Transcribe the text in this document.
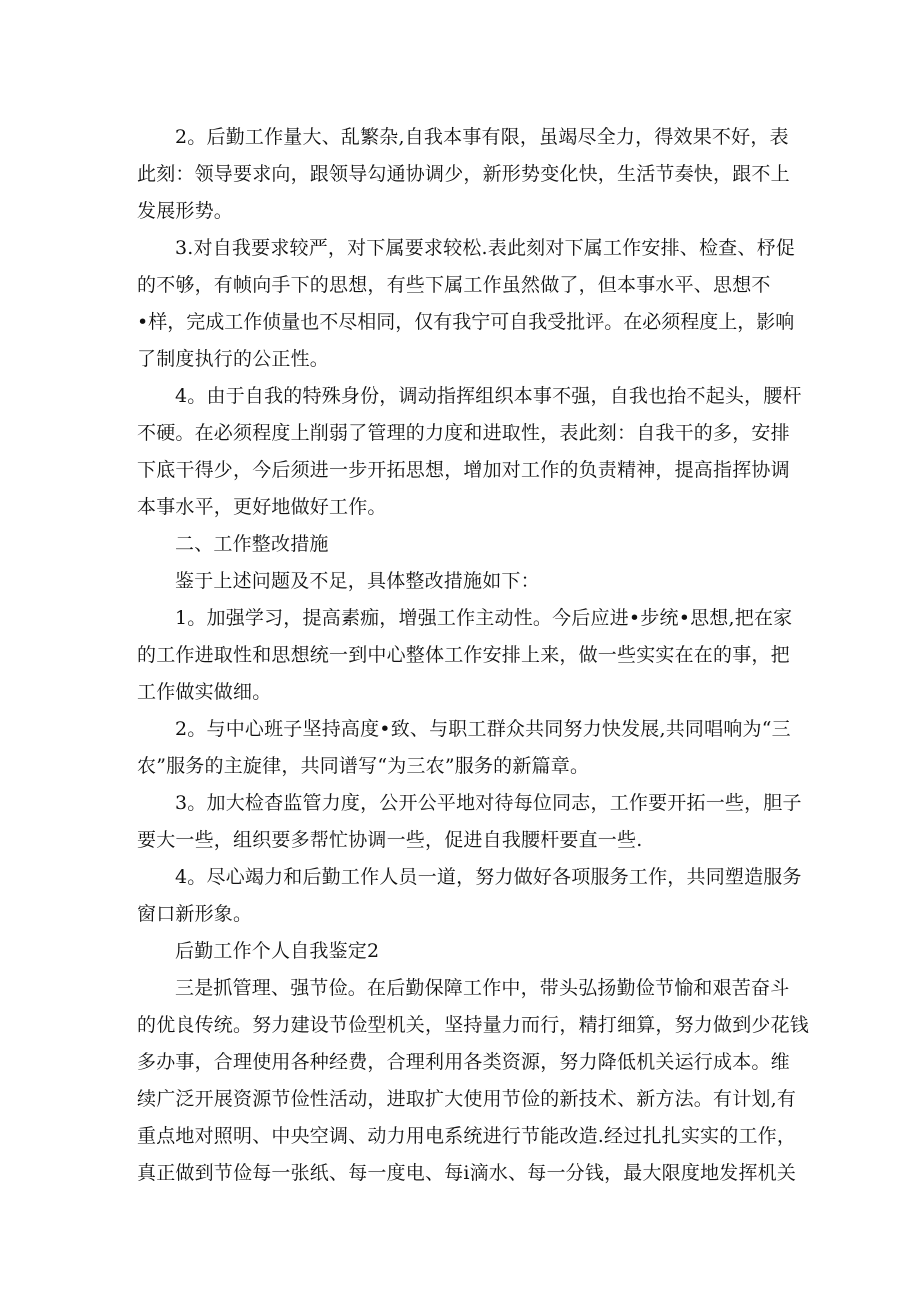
2。后勤工作量大、乱繁杂,自我本事有限，虽竭尽全力，得效果不好，表
此刻：领导要求向，跟领导勾通协调少，新形势变化快，生活节奏快，跟不上
发展形势。
3.对自我要求较严，对下属要求较松.表此刻对下属工作安排、检查、杼促
的不够，有帧向手下的思想，有些下属工作虽然做了，但本事水平、思想不
•样，完成工作侦量也不尽相同，仅有我宁可自我受批评。在必须程度上，影响
了制度执行的公正性。
4。由于自我的特殊身份，调动指挥组织本事不强，自我也抬不起头，腰杆
不硬。在必须程度上削弱了管理的力度和进取性，表此刻：自我干的多，安排
下底干得少，今后须进一步开拓思想，增加对工作的负责精神，提高指挥协调
本事水平，更好地做好工作。
二、工作整改措施
鉴于上述问题及不足，具体整改措施如下：
1。加强学习，提高素痂，增强工作主动性。今后应进•步统•思想,把在家
的工作进取性和思想统一到中心整体工作安排上来，做一些实实在在的事，把
工作做实做细。
2。与中心班子坚持高度•致、与职工群众共同努力快发展,共同唱响为“三
农”服务的主旋律，共同谱写“为三农”服务的新篇章。
3。加大检杳监管力度，公开公平地对待每位同志，工作要开拓一些，胆子
要大一些，组织要多帮忙协调一些，促进自我腰杆要直一些.
4。尽心竭力和后勤工作人员一道，努力做好各项服务工作，共同塑造服务
窗口新形象。
后勤工作个人自我鉴定2
三是抓管理、强节俭。在后勤保障工作中，带头弘扬勤俭节愉和艰苦奋斗
的优良传统。努力建设节俭型机关，坚持量力而行，精打细算，努力做到少花钱
多办事，合理使用各种经费，合理利用各类资源，努力降低机关运行成本。维
续广泛开展资源节俭性活动，进取扩大使用节俭的新技术、新方法。有计划,有
重点地对照明、中央空调、动力用电系统进行节能改造.经过扎扎实实的工作，
真正做到节俭每一张纸、每一度电、每i滴水、每一分钱，最大限度地发挥机关
